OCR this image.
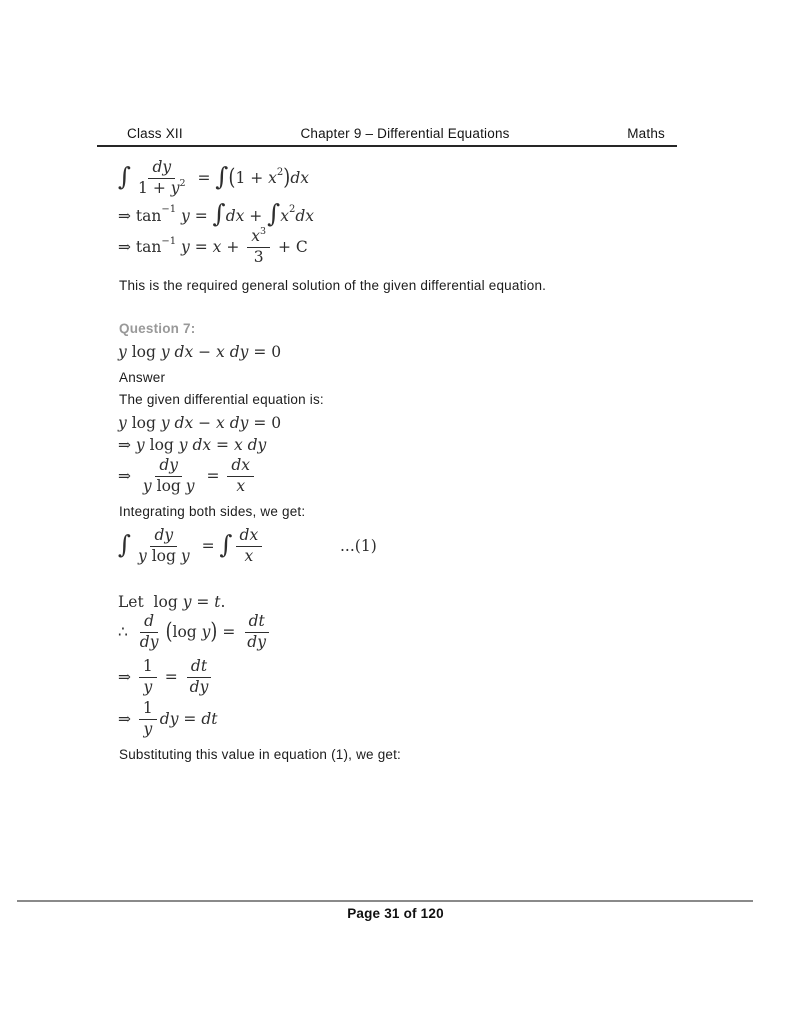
Class XII	Chapter 9 – Differential Equations	Maths
∫ $\frac{dy}{1 + y 2}$ = ∫ ( 1 + x 2 ) dx
⇒ tan −1 y = ∫ dx + ∫ x 2 dx
⇒ tan −1 $y = x + \frac{x 3}{3} + C$
This is the required general solution of the given differential equation.
Question 7:
y log y dx − x dy = 0
Answer
The given differential equation is:
y log y dx − x dy = 0
⇒ y log y dx = x dy
⇒ $\frac{dy}{\text{y log y}} = \frac{dx}{x}$
Integrating both sides, we get:
∫ $\frac{dy}{\text{y log y}}$ = ∫ $\frac{dx}{x}$	...(1)
Let  log y = t .
∴ $\frac{d}{dy}$ ( log y ) = $\frac{dt}{dy}$
⇒ $\frac{1}{y} = \frac{dt}{dy}$
⇒ $\frac{1}{y}$ dy = dt
Substituting this value in equation (1), we get:
Page 31 of 120
